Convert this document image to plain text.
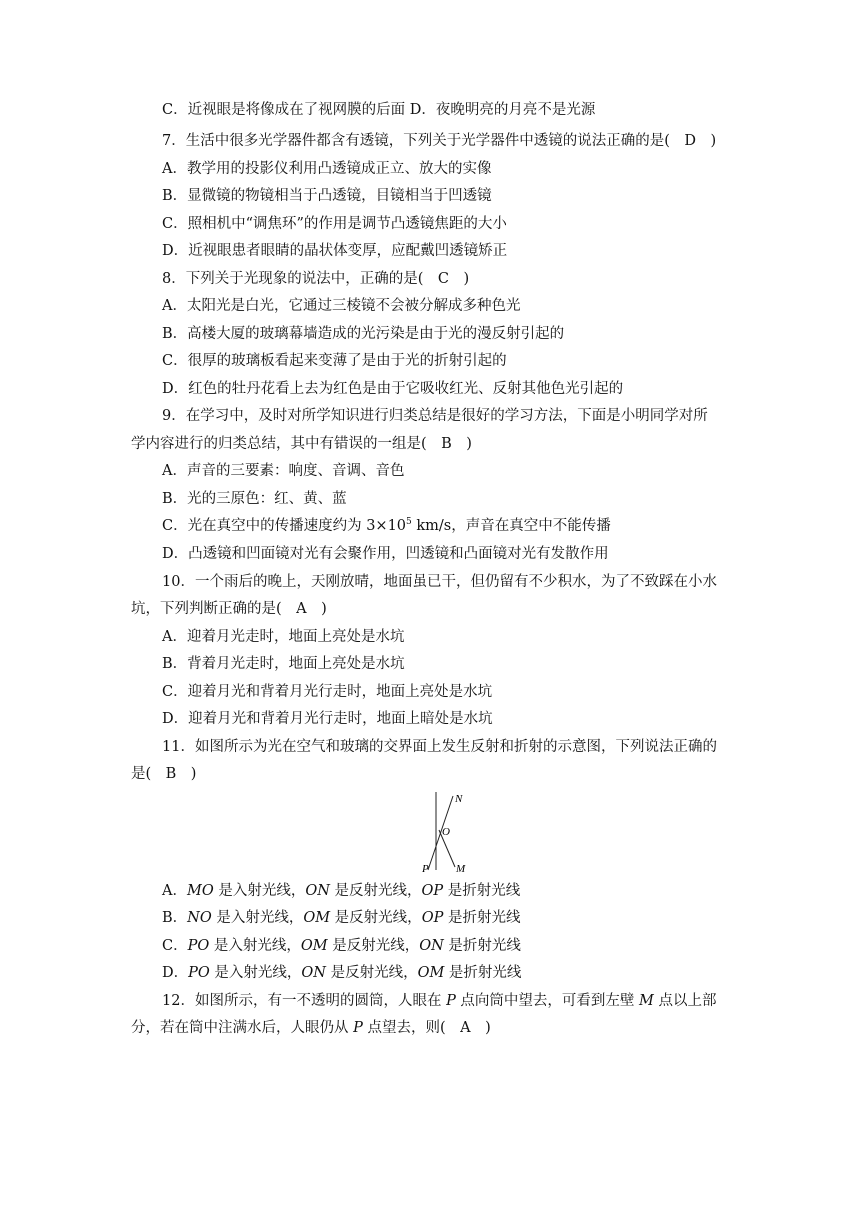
C．近视眼是将像成在了视网膜的后面 D．夜晚明亮的月亮不是光源
7．生活中很多光学器件都含有透镜，下列关于光学器件中透镜的说法正确的是(　D　)
A．教学用的投影仪利用凸透镜成正立、放大的实像
B．显微镜的物镜相当于凸透镜，目镜相当于凹透镜
C．照相机中“调焦环”的作用是调节凸透镜焦距的大小
D．近视眼患者眼睛的晶状体变厚，应配戴凹透镜矫正
8．下列关于光现象的说法中，正确的是(　C　)
A．太阳光是白光，它通过三棱镜不会被分解成多种色光
B．高楼大厦的玻璃幕墙造成的光污染是由于光的漫反射引起的
C．很厚的玻璃板看起来变薄了是由于光的折射引起的
D．红色的牡丹花看上去为红色是由于它吸收红光、反射其他色光引起的
9．在学习中，及时对所学知识进行归类总结是很好的学习方法，下面是小明同学对所
学内容进行的归类总结，其中有错误的一组是(　B　)
A．声音的三要素：响度、音调、音色
B．光的三原色：红、黄、蓝
C．光在真空中的传播速度约为 $3\times 10^5$ km/s，声音在真空中不能传播
D．凸透镜和凹面镜对光有会聚作用，凹透镜和凸面镜对光有发散作用
10．一个雨后的晚上，天刚放晴，地面虽已干，但仍留有不少积水，为了不致踩在小水
坑，下列判断正确的是(　A　)
A．迎着月光走时，地面上亮处是水坑
B．背着月光走时，地面上亮处是水坑
C．迎着月光和背着月光行走时，地面上亮处是水坑
D．迎着月光和背着月光行走时，地面上暗处是水坑
11．如图所示为光在空气和玻璃的交界面上发生反射和折射的示意图，下列说法正确的
是(　B　)
N
O
P M
A．MO 是入射光线，ON 是反射光线，OP 是折射光线
B．NO 是入射光线，OM 是反射光线，OP 是折射光线
C．PO 是入射光线，OM 是反射光线，ON 是折射光线
D．PO 是入射光线，ON 是反射光线，OM 是折射光线
12．如图所示，有一不透明的圆筒，人眼在 P 点向筒中望去，可看到左壁 M 点以上部
分，若在筒中注满水后，人眼仍从 P 点望去，则(　A　)
